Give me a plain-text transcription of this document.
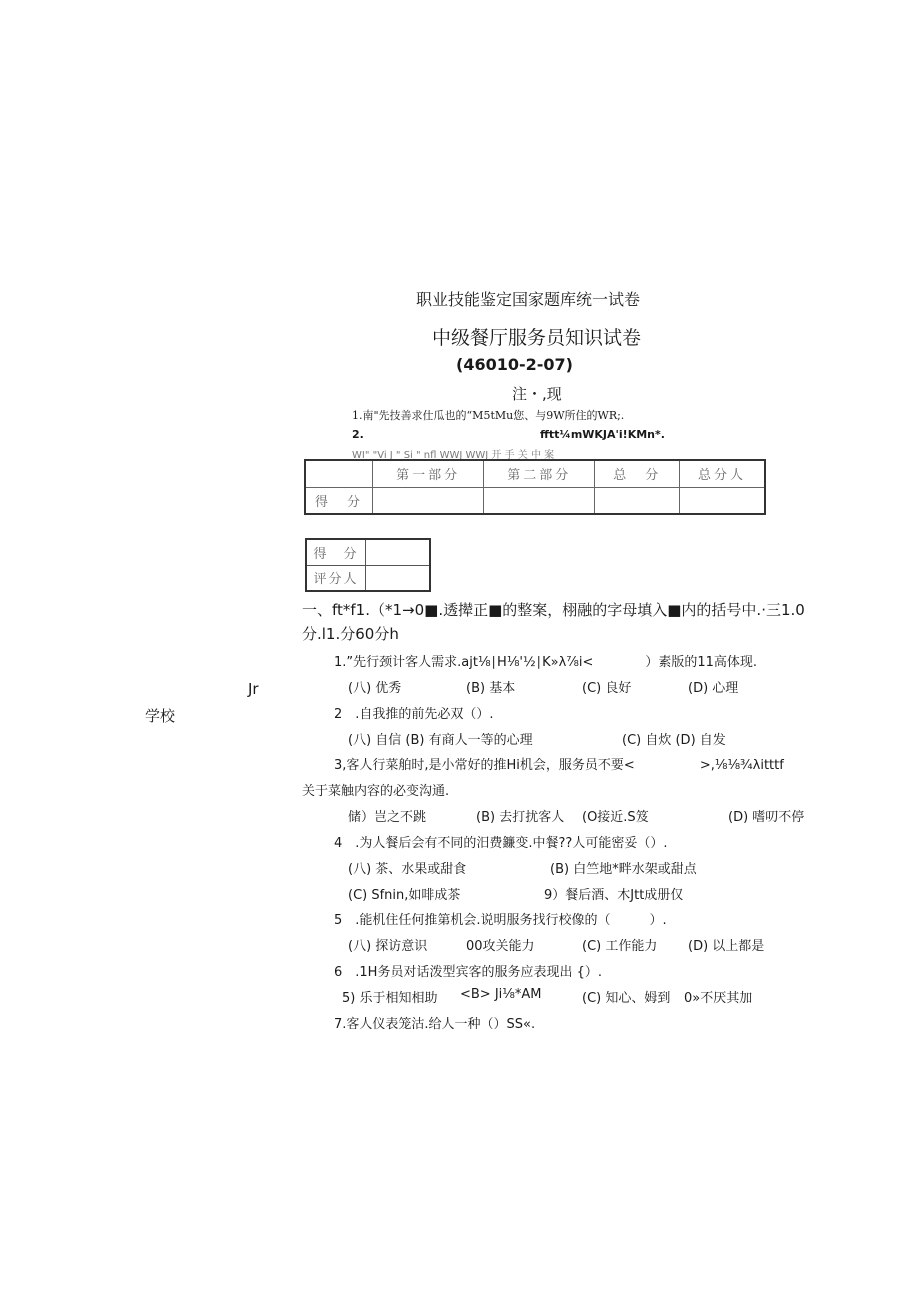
职业技能鉴定国家题库统一试卷
中级餐厅服务员知识试卷
(46010-2-07)
注・,现
1.南"先技善求仕瓜也的“M5tMu您、与9W所住的WR;.
2.	fftt¼mWKJA'i!KMn*.
WI" "Vi J " Si " nfl WWJ WWJ 开 手 关 中 案
	第一部分	第二部分	总　分	总分人
得　分				
得　分	
评分人	
一、ft*f1.（*1→0■.透撵正■的整案，栩融的字母填入■内的括号中.·三1.0
分.l1.分60分h
Jr
学校
1.”先行颈计客人需求.ajt⅛∣H⅛'½∣K»λ⅞i<　　　　）素版的11高体现.
(八) 优秀	(B) 基本	(C) 良好	(D) 心理
2　.自我推的前先必双（）.
(八) 自信 (B) 有商人一等的心理	(C) 自炊 (D) 自发
3,客人行菜舶时,是小常好的推Hi机会，服务员不要<　　　　　>,⅛⅛¾λitttf
关于菜触内容的必变沟通.
储）岂之不跳	(B) 去打扰客人 (O接近.S笈	(D) 嗜叨不停
4　.为人餐后会有不同的汨费鐮变.中餐??人可能密妥（）.
(八) 茶、水果或甜食	(B) 白竺地*畔水架或甜点
(C) Sfnin,如啡成茶	9）餐后酒、木Jtt成册仅
5　.能机住任何推第机会.说明服务找行校像的（　　　）.
(八) 探访意识	00攻关能力	(C) 工作能力 (D) 以上都是
6　.1H务员对话泼型宾客的服务应表现出 {）.
5) 乐于相知相助 <B> Ji⅛*AM	(C) 知心、姆到 0»不厌其加
7.客人仪表笼沽.给人一种（）SS«.
